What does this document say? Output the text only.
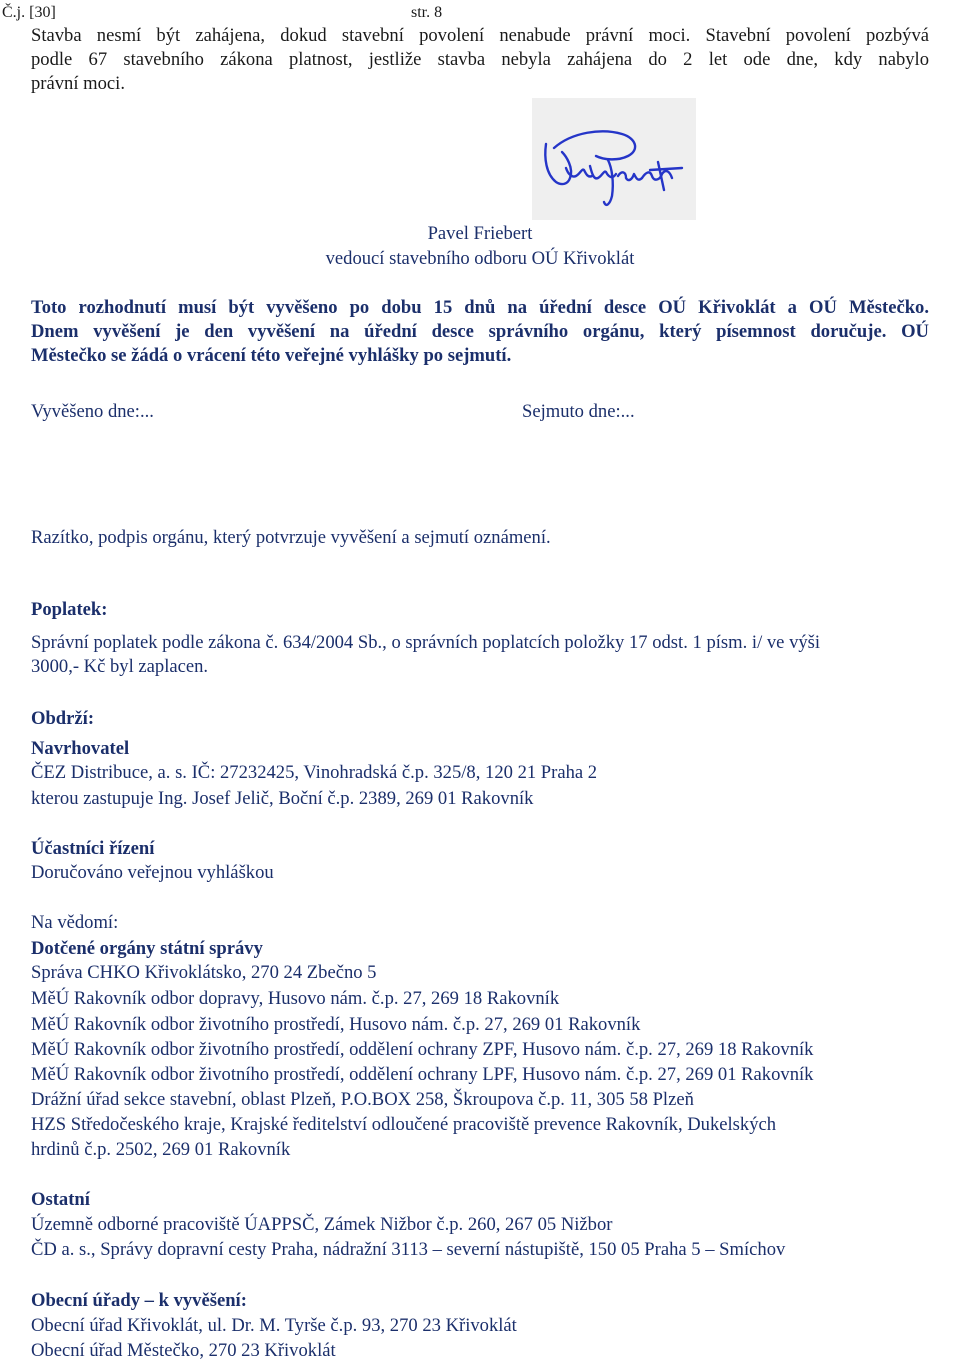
Č.j. [30]	str. 8
Stavba nesmí být zahájena, dokud stavební povolení nenabude právní moci. Stavební povolení pozbývá
podle 67 stavebního zákona platnost, jestliže stavba nebyla zahájena do 2 let ode dne, kdy nabylo
právní moci.
Pavel Friebert
vedoucí stavebního odboru OÚ Křivoklát
Toto rozhodnutí musí být vyvěšeno po dobu 15 dnů na úřední desce OÚ Křivoklát a OÚ Městečko.
Dnem vyvěšení je den vyvěšení na úřední desce správního orgánu, který písemnost doručuje. OÚ
Městečko se žádá o vrácení této veřejné vyhlášky po sejmutí.
Vyvěšeno dne:...	Sejmuto dne:...
Razítko, podpis orgánu, který potvrzuje vyvěšení a sejmutí oznámení.
Poplatek:
Správní poplatek podle zákona č. 634/2004 Sb., o správních poplatcích položky 17 odst. 1 písm. i/ ve výši
3000,- Kč byl zaplacen.
Obdrží:
Navrhovatel
ČEZ Distribuce, a. s. IČ: 27232425, Vinohradská č.p. 325/8, 120 21 Praha 2
kterou zastupuje Ing. Josef Jelič, Boční č.p. 2389, 269 01 Rakovník
Účastníci řízení
Doručováno veřejnou vyhláškou
Na vědomí:
Dotčené orgány státní správy
Správa CHKO Křivoklátsko, 270 24 Zbečno 5
MěÚ Rakovník odbor dopravy, Husovo nám. č.p. 27, 269 18 Rakovník
MěÚ Rakovník odbor životního prostředí, Husovo nám. č.p. 27, 269 01 Rakovník
MěÚ Rakovník odbor životního prostředí, oddělení ochrany ZPF, Husovo nám. č.p. 27, 269 18 Rakovník
MěÚ Rakovník odbor životního prostředí, oddělení ochrany LPF, Husovo nám. č.p. 27, 269 01 Rakovník
Drážní úřad sekce stavební, oblast Plzeň, P.O.BOX 258, Škroupova č.p. 11, 305 58 Plzeň
HZS Středočeského kraje, Krajské ředitelství odloučené pracoviště prevence Rakovník, Dukelských
hrdinů č.p. 2502, 269 01 Rakovník
Ostatní
Územně odborné pracoviště ÚAPPSČ, Zámek Nižbor č.p. 260, 267 05 Nižbor
ČD a. s., Správy dopravní cesty Praha, nádražní 3113 – severní nástupiště, 150 05 Praha 5 – Smíchov
Obecní úřady – k vyvěšení:
Obecní úřad Křivoklát, ul. Dr. M. Tyrše č.p. 93, 270 23 Křivoklát
Obecní úřad Městečko, 270 23 Křivoklát
